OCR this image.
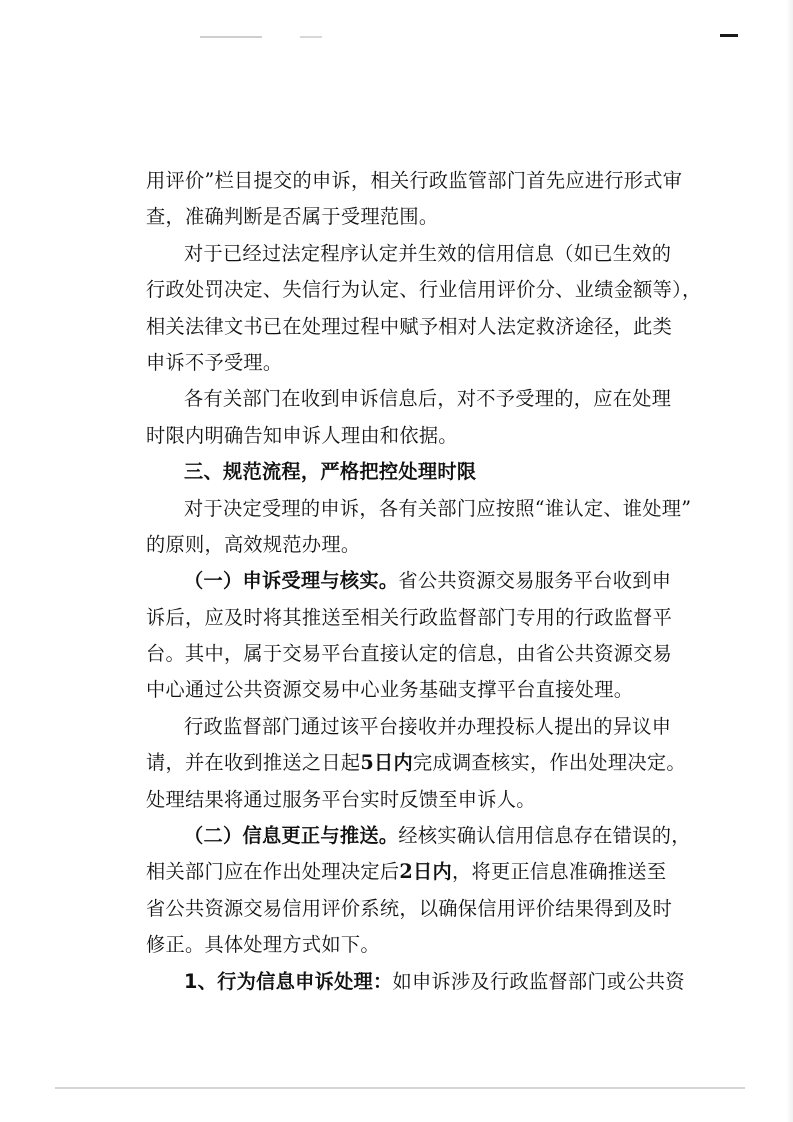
用评价”栏目提交的申诉，相关行政监管部门首先应进行形式审
查，准确判断是否属于受理范围。
对于已经过法定程序认定并生效的信用信息（如已生效的
行政处罚决定、失信行为认定、行业信用评价分、业绩金额等），
相关法律文书已在处理过程中赋予相对人法定救济途径，此类
申诉不予受理。
各有关部门在收到申诉信息后，对不予受理的，应在处理
时限内明确告知申诉人理由和依据。
三、规范流程，严格把控处理时限
对于决定受理的申诉，各有关部门应按照“谁认定、谁处理”
的原则，高效规范办理。
（一）申诉受理与核实。省公共资源交易服务平台收到申
诉后，应及时将其推送至相关行政监督部门专用的行政监督平
台。其中，属于交易平台直接认定的信息，由省公共资源交易
中心通过公共资源交易中心业务基础支撑平台直接处理。
行政监督部门通过该平台接收并办理投标人提出的异议申
请，并在收到推送之日起5日内完成调查核实，作出处理决定。
处理结果将通过服务平台实时反馈至申诉人。
（二）信息更正与推送。经核实确认信用信息存在错误的，
相关部门应在作出处理决定后2日内，将更正信息准确推送至
省公共资源交易信用评价系统，以确保信用评价结果得到及时
修正。具体处理方式如下。
1、行为信息申诉处理：如申诉涉及行政监督部门或公共资
